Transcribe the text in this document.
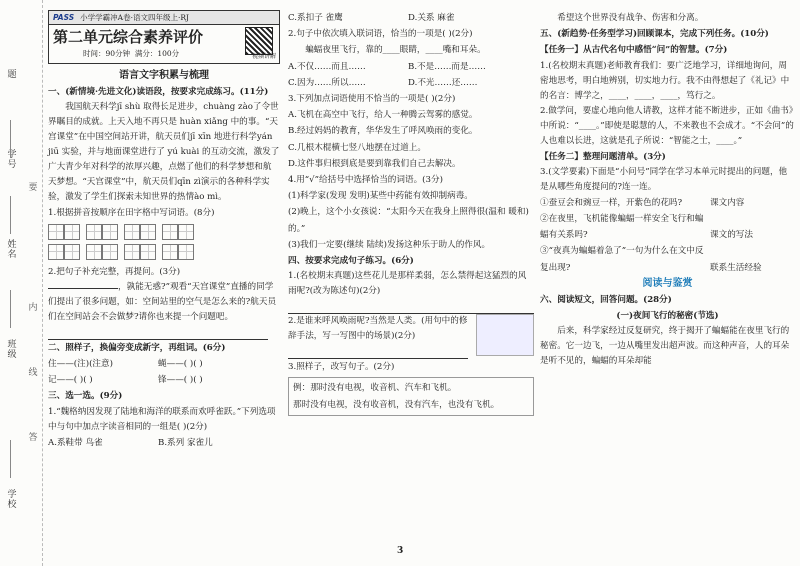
题
学号
要
姓名
内
班级
线
答
学校
PASS 小学学霸冲A卷·语文四年级上·RJ
第二单元综合素养评价
时间：90分钟 满分：100分	视频讲解
语言文字积累与梳理

一、(新情境·先进文化)读语段，按要求完成练习。(11分)

我国航天科学jī shù 取得长足进步，chuàng zào了令世界瞩目的成就。上天入地不再只是 huàn xiǎng 中的事。“天宫课堂”在中国空间站开讲，航天员们jī xīn 地进行科学yán jiū 实验，并与地面课堂进行了 yú kuài 的互动交流，激发了广大青少年对科学的浓厚兴趣，点燃了他们的科学梦想和航天梦想。“天宫课堂”中，航天员们qīn zì演示的各种科学实验，激发了学生们探索未知世界的热情ào mì。

1.根据拼音按顺序在田字格中写词语。(8分)

2.把句子补充完整，再提问。(3分)

，孰能无惑?”观看“天宫课堂”直播的同学们提出了很多问题，如：空间站里的空气是怎么来的?航天员们在空间站会不会做梦?请你也来提一个问题吧。

二、照样子，换偏旁变成新字，再组词。(6分)

住——(注)(注意)	蝇——( )( )

记——( )( )	锋——( )( )

三、选一选。(9分)

1.“魏格纳因发现了陆地和海洋的联系而欢呼雀跃。”下列选项中与句中加点字读音相同的一组是( )(2分)

A.系鞋带 鸟雀	B.系列 家雀儿

C.系扣子 雀鹰	D.关系 麻雀

2.句子中依次填入联词语，恰当的一项是( )(2分)

蝙蝠夜里飞行，靠的____眼睛，____嘴和耳朵。

A.不仅……而且……	B.不是……而是……

C.因为……所以……	D.不光……还……

3.下列加点词语使用不恰当的一项是( )(2分)

A.飞机在高空中飞行，给人一种腾云驾雾的感觉。

B.经过妈妈的教育，华华发生了呼风唤雨的变化。

C.几根木棍横七竖八地摆在过道上。

D.这件事归根到底是要到靠我们自己去解决。

4.用“√”给括号中选择恰当的词语。(3分)

(1)科学家(发现 发明)某些中药能有效抑制病毒。

(2)晚上，这个小女孩说：“太阳今天在我身上照得很(温和 暖和)的。”

(3)我们一定要(继续 陆续)发扬这种乐于助人的作风。

四、按要求完成句子练习。(6分)

1.(名校期末真题)这些花儿是那样柔弱，怎么禁得起这猛烈的风雨呢?(改为陈述句)(2分)

2.是谁来呼风唤雨呢?当然是人类。(用句中的修辞手法，写一写图中的场景)(2分)

3.照样子，改写句子。(2分)

例：那时没有电视，收音机、汽车和飞机。
那时没有电视，没有收音机，没有汽车，也没有飞机。

希望这个世界没有战争、伤害和分离。

五、(新趋势·任务型学习)回顾课本，完成下列任务。(10分)

【任务一】从古代名句中感悟“问”的智慧。(7分)

1.(名校期末真题)老师教育我们：要广泛地学习，详细地询问，周密地思考，明白地辨别，切实地力行。我不由得想起了《礼记》中的名言：博学之，____，____，____，笃行之。

2.做学问，要虚心地向他人请教，这样才能不断进步，正如《曲书》中所说：“____。”即使是聪慧的人，不来教也不会成才。“不会问”的人也难以长进，这就是孔子所说：“智能之士，____。”

【任务二】整理问题清单。(3分)

3.(文学要素)下面是“小问号”同学在学习本单元时提出的问题，他是从哪些角度提问的?连一连。

①蚕豆会和豌豆一样，开紫色的花吗?	课文内容
②在夜里，飞机能像蝙蝠一样安全飞行和蝙蝠有关系吗?	课文的写法
③“夜真为蝙蝠着急了”一句为什么在文中反复出现?	联系生活经验
阅读与鉴赏

六、阅读短文，回答问题。(28分)

(一)夜间飞行的秘密(节选)

后来，科学家经过反复研究，终于揭开了蝙蝠能在夜里飞行的秘密。它一边飞，一边从嘴里发出超声波。而这种声音，人的耳朵是听不见的，蝙蝠的耳朵却能

3
